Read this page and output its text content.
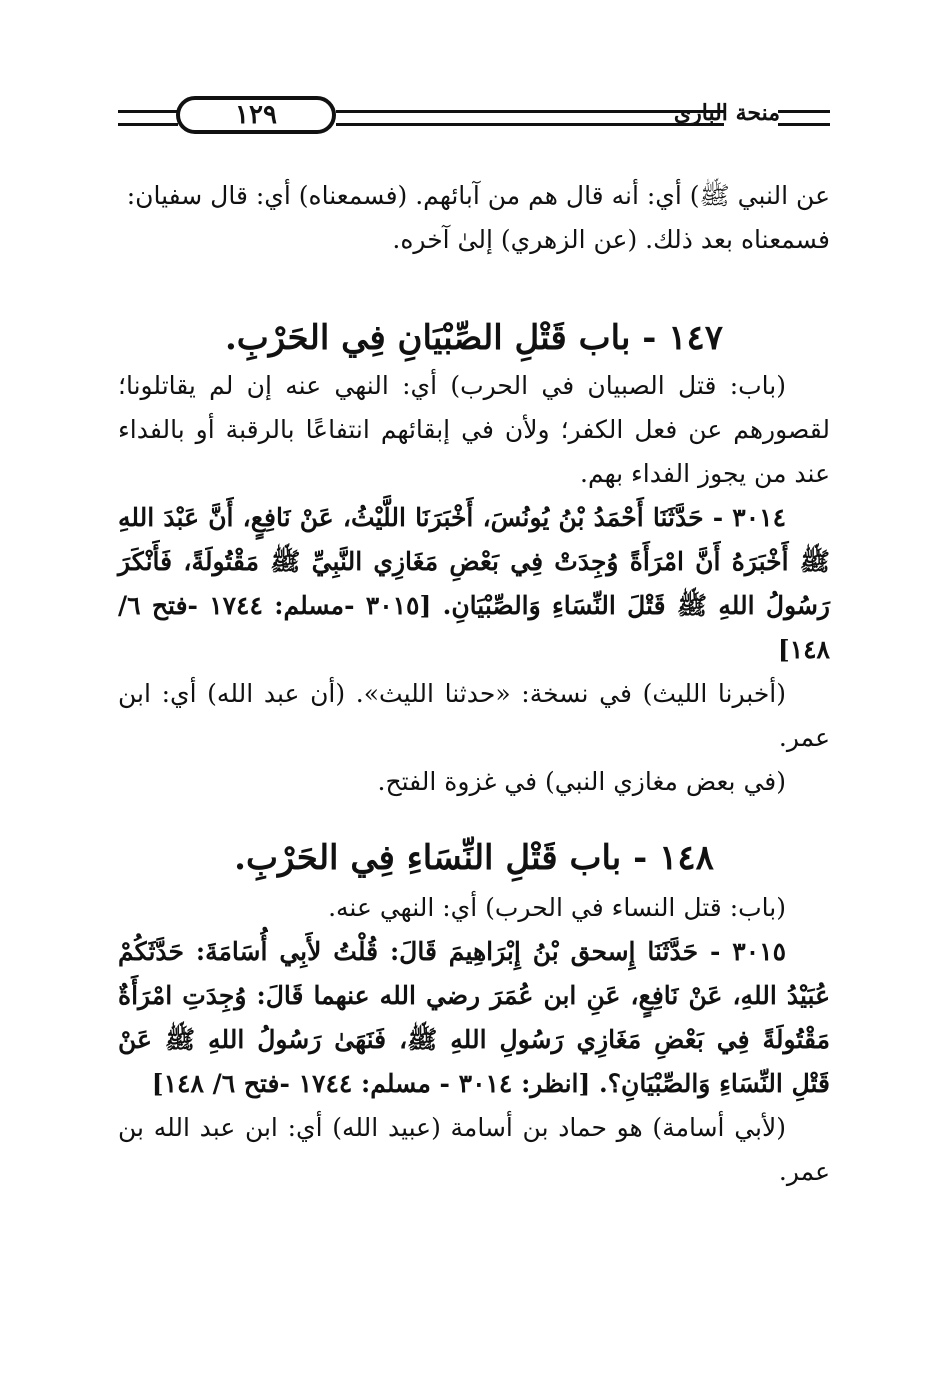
١٢٩	منحة الباري

عن النبي ﷺ) أي: أنه قال هم من آبائهم. (فسمعناه) أي: قال سفيان:

فسمعناه بعد ذلك. (عن الزهري) إلىٰ آخره.

١٤٧ - باب قَتْلِ الصِّبْيَانِ فِي الحَرْبِ.

(باب: قتل الصبيان في الحرب) أي: النهي عنه إن لم يقاتلونا؛ لقصورهم عن فعل الكفر؛ ولأن في إبقائهم انتفاعًا بالرقبة أو بالفداء عند من يجوز الفداء بهم.

٣٠١٤ - حَدَّثَنَا أَحْمَدُ بْنُ يُونُسَ، أَخْبَرَنَا اللَّيْثُ، عَنْ نَافِعٍ، أَنَّ عَبْدَ اللهِ ﷺ أَخْبَرَهُ أَنَّ امْرَأَةً وُجِدَتْ فِي بَعْضِ مَغَازِي النَّبِيِّ ﷺ مَقْتُولَةً، فَأَنْكَرَ رَسُولُ اللهِ ﷺ قَتْلَ النِّسَاءِ وَالصِّبْيَانِ. [٣٠١٥ -مسلم: ١٧٤٤ -فتح ٦/ ١٤٨]

(أخبرنا الليث) في نسخة: «حدثنا الليث». (أن عبد الله) أي: ابن عمر.

(في بعض مغازي النبي) في غزوة الفتح.

١٤٨ - باب قَتْلِ النِّسَاءِ فِي الحَرْبِ.

(باب: قتل النساء في الحرب) أي: النهي عنه.

٣٠١٥ - حَدَّثَنَا إِسحق بْنُ إِبْرَاهِيمَ قَالَ: قُلْتُ لأَبِي أُسَامَةَ: حَدَّثَكُمْ عُبَيْدُ اللهِ، عَنْ نَافِعٍ، عَنِ ابن عُمَرَ رضي الله عنهما قَالَ: وُجِدَتِ امْرَأَةٌ مَقْتُولَةً فِي بَعْضِ مَغَازِي رَسُولِ اللهِ ﷺ، فَنَهَىٰ رَسُولُ اللهِ ﷺ عَنْ قَتْلِ النِّسَاءِ وَالصِّبْيَانِ؟. [انظر: ٣٠١٤ - مسلم: ١٧٤٤ -فتح ٦/ ١٤٨]

(لأبي أسامة) هو حماد بن أسامة (عبيد الله) أي: ابن عبد الله بن عمر.
